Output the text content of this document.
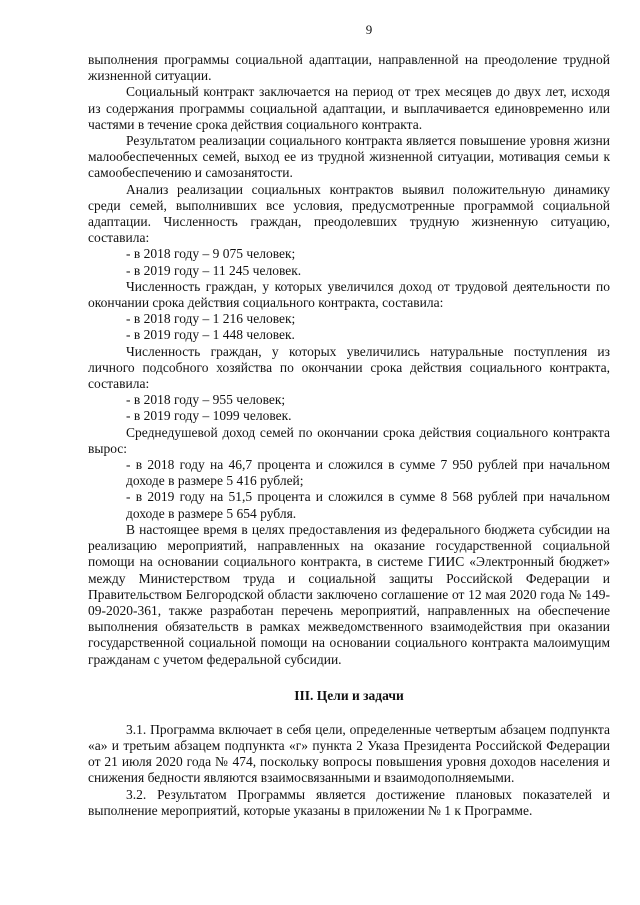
9

выполнения программы социальной адаптации, направленной на преодоление трудной жизненной ситуации.

Социальный контракт заключается на период от трех месяцев до двух лет, исходя из содержания программы социальной адаптации, и выплачивается единовременно или частями в течение срока действия социального контракта.

Результатом реализации социального контракта является повышение уровня жизни малообеспеченных семей, выход ее из трудной жизненной ситуации, мотивация семьи к самообеспечению и самозанятости.

Анализ реализации социальных контрактов выявил положительную динамику среди семей, выполнивших все условия, предусмотренные программой социальной адаптации. Численность граждан, преодолевших трудную жизненную ситуацию, составила:

- в 2018 году – 9 075 человек;
- в 2019 году – 11 245 человек.

Численность граждан, у которых увеличился доход от трудовой деятельности по окончании срока действия социального контракта, составила:

- в 2018 году – 1 216 человек;
- в 2019 году – 1 448 человек.

Численность граждан, у которых увеличились натуральные поступления из личного подсобного хозяйства по окончании срока действия социального контракта, составила:

- в 2018 году – 955 человек;
- в 2019 году – 1099 человек.

Среднедушевой доход семей по окончании срока действия социального контракта вырос:

- в 2018 году на 46,7 процента и сложился в сумме 7 950 рублей при начальном доходе в размере 5 416 рублей;
- в 2019 году на 51,5 процента и сложился в сумме 8 568 рублей при начальном доходе в размере 5 654 рубля.

В настоящее время в целях предоставления из федерального бюджета субсидии на реализацию мероприятий, направленных на оказание государственной социальной помощи на основании социального контракта, в системе ГИИС «Электронный бюджет» между Министерством труда и социальной защиты Российской Федерации и Правительством Белгородской области заключено соглашение от 12 мая 2020 года № 149-09-2020-361, также разработан перечень мероприятий, направленных на обеспечение выполнения обязательств в рамках межведомственного взаимодействия при оказании государственной социальной помощи на основании социального контракта малоимущим гражданам с учетом федеральной субсидии.

III. Цели и задачи

3.1. Программа включает в себя цели, определенные четвертым абзацем подпункта «а» и третьим абзацем подпункта «г» пункта 2 Указа Президента Российской Федерации от 21 июля 2020 года № 474, поскольку вопросы повышения уровня доходов населения и снижения бедности являются взаимосвязанными и взаимодополняемыми.

3.2. Результатом Программы является достижение плановых показателей и выполнение мероприятий, которые указаны в приложении № 1 к Программе.
